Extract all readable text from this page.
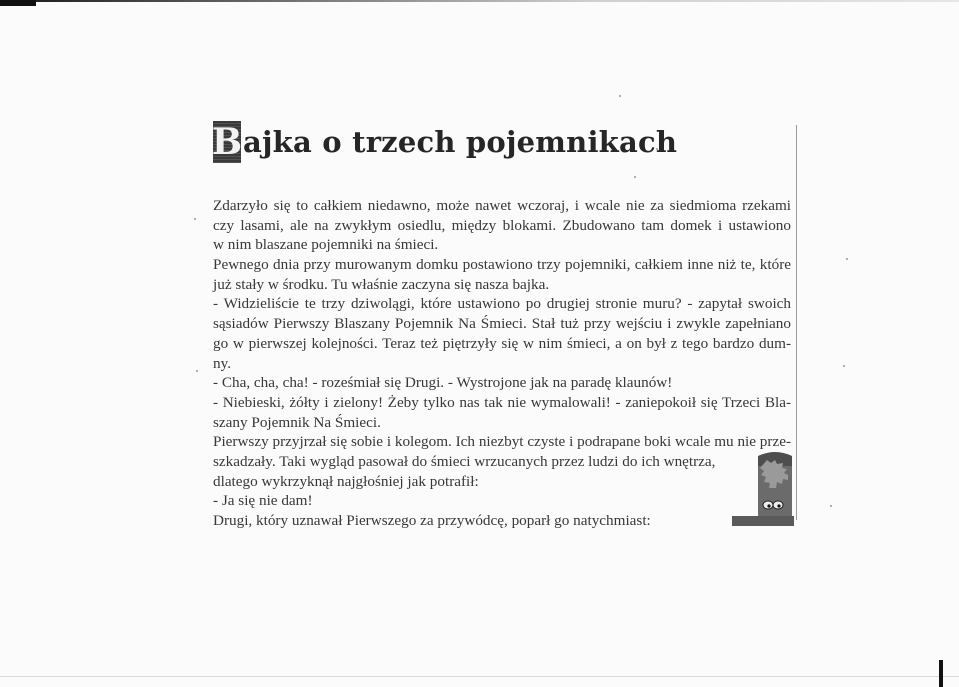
B ajka o trzech pojemnikach
Zdarzyło się to całkiem niedawno, może nawet wczoraj, i wcale nie za siedmioma rzekami
czy lasami, ale na zwykłym osiedlu, między blokami. Zbudowano tam domek i ustawiono
w nim blaszane pojemniki na śmieci.
Pewnego dnia przy murowanym domku postawiono trzy pojemniki, całkiem inne niż te, które
już stały w środku. Tu właśnie zaczyna się nasza bajka.
- Widzieliście te trzy dziwolągi, które ustawiono po drugiej stronie muru? - zapytał swoich
sąsiadów Pierwszy Blaszany Pojemnik Na Śmieci. Stał tuż przy wejściu i zwykle zapełniano
go w pierwszej kolejności. Teraz też piętrzyły się w nim śmieci, a on był z tego bardzo dum-
ny.
- Cha, cha, cha! - roześmiał się Drugi. - Wystrojone jak na paradę klaunów!
- Niebieski, żółty i zielony! Żeby tylko nas tak nie wymalowali! - zaniepokoił się Trzeci Bla-
szany Pojemnik Na Śmieci.
Pierwszy przyjrzał się sobie i kolegom. Ich niezbyt czyste i podrapane boki wcale mu nie prze-
szkadzały. Taki wygląd pasował do śmieci wrzucanych przez ludzi do ich wnętrza,
dlatego wykrzyknął najgłośniej jak potrafił:
- Ja się nie dam!
Drugi, który uznawał Pierwszego za przywódcę, poparł go natychmiast:
